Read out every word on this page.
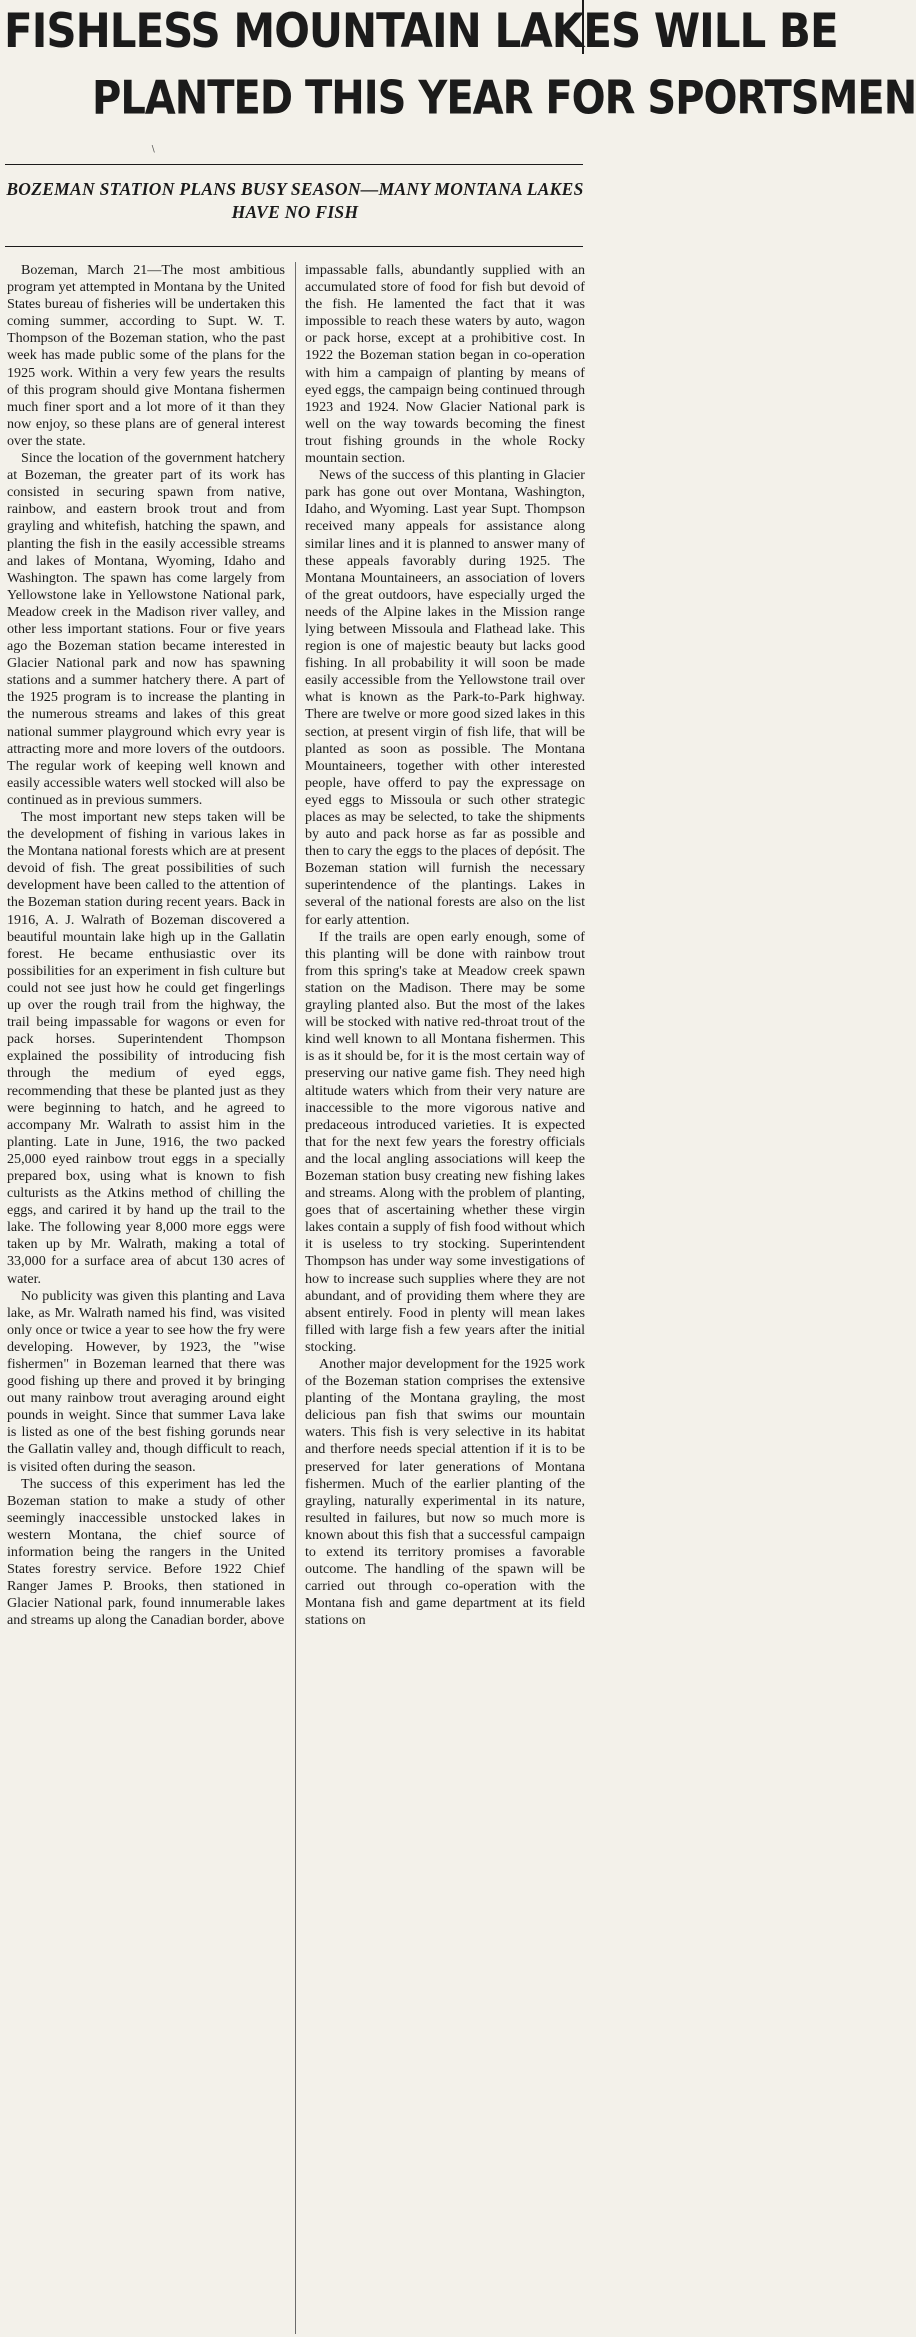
FISHLESS MOUNTAIN LAKES WILL BE
PLANTED THIS YEAR FOR SPORTSMEN
∖
BOZEMAN STATION PLANS BUSY SEASON—MANY MONTANA LAKES HAVE NO FISH

Bozeman, March 21—The most ambitious program yet attempted in Montana by the United States bureau of fisheries will be undertaken this coming summer, according to Supt. W. T. Thompson of the Bozeman station, who the past week has made public some of the plans for the 1925 work. Within a very few years the results of this program should give Montana fishermen much finer sport and a lot more of it than they now enjoy, so these plans are of general interest over the state.

Since the location of the government hatchery at Bozeman, the greater part of its work has consisted in securing spawn from native, rainbow, and eastern brook trout and from grayling and whitefish, hatching the spawn, and planting the fish in the easily accessible streams and lakes of Montana, Wyoming, Idaho and Washington. The spawn has come largely from Yellowstone lake in Yellowstone National park, Meadow creek in the Madison river valley, and other less important stations. Four or five years ago the Bozeman station became interested in Glacier National park and now has spawning stations and a summer hatchery there. A part of the 1925 program is to increase the planting in the numerous streams and lakes of this great national summer playground which evry year is attracting more and more lovers of the outdoors. The regular work of keeping well known and easily accessible waters well stocked will also be continued as in previous summers.

The most important new steps taken will be the development of fishing in various lakes in the Montana national forests which are at present devoid of fish. The great possibilities of such development have been called to the attention of the Bozeman station during recent years. Back in 1916, A. J. Walrath of Bozeman discovered a beautiful mountain lake high up in the Gallatin forest. He became enthusiastic over its possibilities for an experiment in fish culture but could not see just how he could get fingerlings up over the rough trail from the highway, the trail being impassable for wagons or even for pack horses. Superintendent Thompson explained the possibility of introducing fish through the medium of eyed eggs, recommending that these be planted just as they were beginning to hatch, and he agreed to accompany Mr. Walrath to assist him in the planting. Late in June, 1916, the two packed 25,000 eyed rainbow trout eggs in a specially prepared box, using what is known to fish culturists as the Atkins method of chilling the eggs, and carired it by hand up the trail to the lake. The following year 8,000 more eggs were taken up by Mr. Walrath, making a total of 33,000 for a surface area of abcut 130 acres of water.

No publicity was given this planting and Lava lake, as Mr. Walrath named his find, was visited only once or twice a year to see how the fry were developing. However, by 1923, the "wise fishermen" in Bozeman learned that there was good fishing up there and proved it by bringing out many rainbow trout averaging around eight pounds in weight. Since that summer Lava lake is listed as one of the best fishing gorunds near the Gallatin valley and, though difficult to reach, is visited often during the season.

The success of this experiment has led the Bozeman station to make a study of other seemingly inaccessible unstocked lakes in western Montana, the chief source of information being the rangers in the United States forestry service. Before 1922 Chief Ranger James P. Brooks, then stationed in Glacier National park, found innumerable lakes and streams up along the Canadian border, above

impassable falls, abundantly supplied with an accumulated store of food for fish but devoid of the fish. He lamented the fact that it was impossible to reach these waters by auto, wagon or pack horse, except at a prohibitive cost. In 1922 the Bozeman station began in co-operation with him a campaign of planting by means of eyed eggs, the campaign being continued through 1923 and 1924. Now Glacier National park is well on the way towards becoming the finest trout fishing grounds in the whole Rocky mountain section.

News of the success of this planting in Glacier park has gone out over Montana, Washington, Idaho, and Wyoming. Last year Supt. Thompson received many appeals for assistance along similar lines and it is planned to answer many of these appeals favorably during 1925. The Montana Mountaineers, an association of lovers of the great outdoors, have especially urged the needs of the Alpine lakes in the Mission range lying between Missoula and Flathead lake. This region is one of majestic beauty but lacks good fishing. In all probability it will soon be made easily accessible from the Yellowstone trail over what is known as the Park-to-Park highway. There are twelve or more good sized lakes in this section, at present virgin of fish life, that will be planted as soon as possible. The Montana Mountaineers, together with other interested people, have offerd to pay the expressage on eyed eggs to Missoula or such other strategic places as may be selected, to take the shipments by auto and pack horse as far as possible and then to cary the eggs to the places of depósit. The Bozeman station will furnish the necessary superintendence of the plantings. Lakes in several of the national forests are also on the list for early attention.

If the trails are open early enough, some of this planting will be done with rainbow trout from this spring's take at Meadow creek spawn station on the Madison. There may be some grayling planted also. But the most of the lakes will be stocked with native red-throat trout of the kind well known to all Montana fishermen. This is as it should be, for it is the most certain way of preserving our native game fish. They need high altitude waters which from their very nature are inaccessible to the more vigorous native and predaceous introduced varieties. It is expected that for the next few years the forestry officials and the local angling associations will keep the Bozeman station busy creating new fishing lakes and streams. Along with the problem of planting, goes that of ascertaining whether these virgin lakes contain a supply of fish food without which it is useless to try stocking. Superintendent Thompson has under way some investigations of how to increase such supplies where they are not abundant, and of providing them where they are absent entirely. Food in plenty will mean lakes filled with large fish a few years after the initial stocking.

Another major development for the 1925 work of the Bozeman station comprises the extensive planting of the Montana grayling, the most delicious pan fish that swims our mountain waters. This fish is very selective in its habitat and therfore needs special attention if it is to be preserved for later generations of Montana fishermen. Much of the earlier planting of the grayling, naturally experimental in its nature, resulted in failures, but now so much more is known about this fish that a successful campaign to extend its territory promises a favorable outcome. The handling of the spawn will be carried out through co-operation with the Montana fish and game department at its field stations on
